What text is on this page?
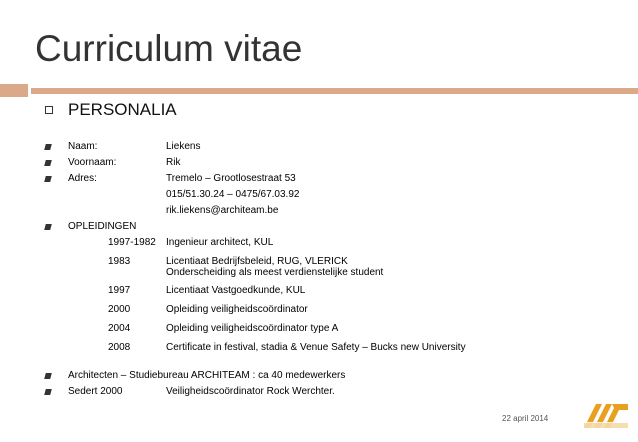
Curriculum vitae
PERSONALIA
Naam:	Liekens
Voornaam:	Rik
Adres:	Tremelo – Grootlosestraat 53
015/51.30.24 – 0475/67.03.92
rik.liekens@architeam.be
OPLEIDINGEN
1997-1982 Ingenieur architect, KUL
1983	Licentiaat Bedrijfsbeleid, RUG, VLERICK
Onderscheiding als meest verdienstelijke student
1997	Licentiaat Vastgoedkunde, KUL
2000	Opleiding veiligheidscoördinator
2004	Opleiding veiligheidscoördinator type A
2008	Certificate in festival, stadia & Venue Safety – Bucks new University
Architecten – Studiebureau ARCHITEAM : ca 40 medewerkers
Sedert 2000	Veiligheidscoördinator Rock Werchter.
22 april 2014
